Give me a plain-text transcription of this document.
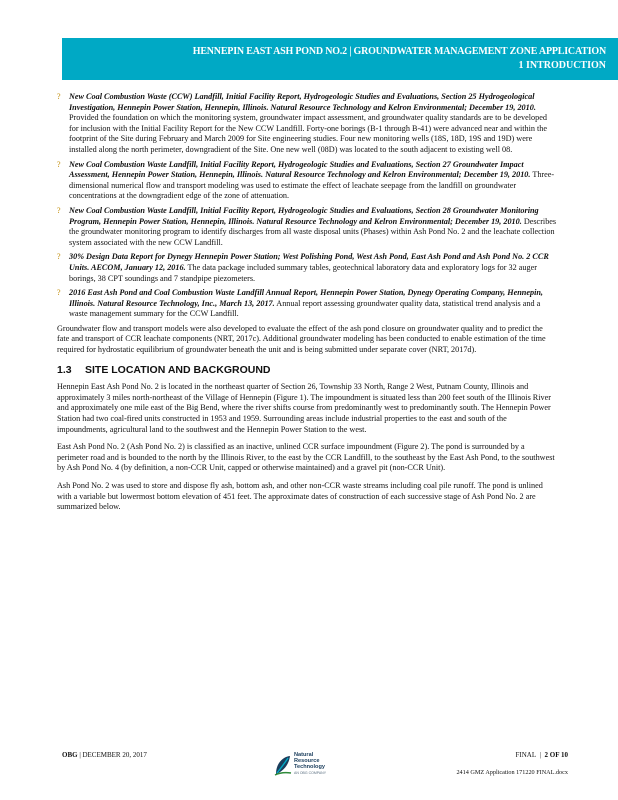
HENNEPIN EAST ASH POND NO.2 | GROUNDWATER MANAGEMENT ZONE APPLICATION
1 INTRODUCTION
? New Coal Combustion Waste (CCW) Landfill, Initial Facility Report, Hydrogeologic Studies and Evaluations, Section 25 Hydrogeological Investigation, Hennepin Power Station, Hennepin, Illinois. Natural Resource Technology and Kelron Environmental; December 19, 2010. Provided the foundation on which the monitoring system, groundwater impact assessment, and groundwater quality standards are to be developed for inclusion with the Initial Facility Report for the New CCW Landfill. Forty-one borings (B-1 through B-41) were advanced near and within the footprint of the Site during February and March 2009 for Site engineering studies. Four new monitoring wells (18S, 18D, 19S and 19D) were installed along the north perimeter, downgradient of the Site. One new well (08D) was located to the south adjacent to existing well 08.
? New Coal Combustion Waste Landfill, Initial Facility Report, Hydrogeologic Studies and Evaluations, Section 27 Groundwater Impact Assessment, Hennepin Power Station, Hennepin, Illinois. Natural Resource Technology and Kelron Environmental; December 19, 2010. Three-dimensional numerical flow and transport modeling was used to estimate the effect of leachate seepage from the landfill on groundwater concentrations at the downgradient edge of the zone of attenuation.
? New Coal Combustion Waste Landfill, Initial Facility Report, Hydrogeologic Studies and Evaluations, Section 28 Groundwater Monitoring Program, Hennepin Power Station, Hennepin, Illinois. Natural Resource Technology and Kelron Environmental; December 19, 2010. Describes the groundwater monitoring program to identify discharges from all waste disposal units (Phases) within Ash Pond No. 2 and the leachate collection system associated with the new CCW Landfill.
? 30% Design Data Report for Dynegy Hennepin Power Station; West Polishing Pond, West Ash Pond, East Ash Pond and Ash Pond No. 2 CCR Units. AECOM, January 12, 2016. The data package included summary tables, geotechnical laboratory data and exploratory logs for 32 auger borings, 38 CPT soundings and 7 standpipe piezometers.
? 2016 East Ash Pond and Coal Combustion Waste Landfill Annual Report, Hennepin Power Station, Dynegy Operating Company, Hennepin, Illinois. Natural Resource Technology, Inc., March 13, 2017. Annual report assessing groundwater quality data, statistical trend analysis and a waste management summary for the CCW Landfill.

Groundwater flow and transport models were also developed to evaluate the effect of the ash pond closure on groundwater quality and to predict the fate and transport of CCR leachate components (NRT, 2017c). Additional groundwater modeling has been conducted to enable estimation of the time required for hydrostatic equilibrium of groundwater beneath the unit and is being submitted under separate cover (NRT, 2017d).

1.3 SITE LOCATION AND BACKGROUND

Hennepin East Ash Pond No. 2 is located in the northeast quarter of Section 26, Township 33 North, Range 2 West, Putnam County, Illinois and approximately 3 miles north-northeast of the Village of Hennepin (Figure 1). The impoundment is situated less than 200 feet south of the Illinois River and approximately one mile east of the Big Bend, where the river shifts course from predominantly west to predominantly south. The Hennepin Power Station had two coal-fired units constructed in 1953 and 1959. Surrounding areas include industrial properties to the east and south of the impoundments, agricultural land to the southwest and the Hennepin Power Station to the west.

East Ash Pond No. 2 (Ash Pond No. 2) is classified as an inactive, unlined CCR surface impoundment (Figure 2). The pond is surrounded by a perimeter road and is bounded to the north by the Illinois River, to the east by the CCR Landfill, to the southeast by the East Ash Pond, to the southwest by Ash Pond No. 4 (by definition, a non-CCR Unit, capped or otherwise maintained) and a gravel pit (non-CCR Unit).

Ash Pond No. 2 was used to store and dispose fly ash, bottom ash, and other non-CCR waste streams including coal pile runoff. The pond is unlined with a variable but lowermost bottom elevation of 451 feet. The approximate dates of construction of each successive stage of Ash Pond No. 2 are summarized below.

OBG | DECEMBER 20, 2017	Natural
Resource
Technology
AN OBG COMPANY
FINAL  |  2 OF 10
2414 GMZ Application 171220 FINAL.docx
